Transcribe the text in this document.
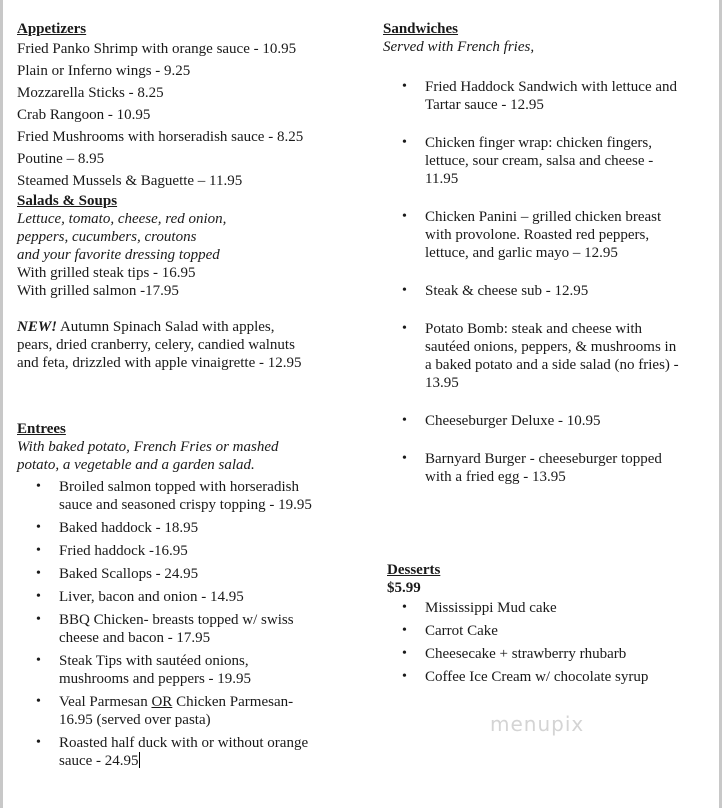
Appetizers
Fried Panko Shrimp with orange sauce - 10.95
Plain or Inferno wings - 9.25
Mozzarella Sticks - 8.25
Crab Rangoon - 10.95
Fried Mushrooms with horseradish sauce - 8.25
Poutine – 8.95
Steamed Mussels & Baguette – 11.95
Salads & Soups
Lettuce, tomato, cheese, red onion,
peppers, cucumbers, croutons
and your favorite dressing topped
With grilled steak tips - 16.95
With grilled salmon -17.95
NEW! Autumn Spinach Salad with apples,
pears, dried cranberry, celery, candied walnuts
and feta, drizzled with apple vinaigrette - 12.95
Entrees
With baked potato, French Fries or mashed
potato, a vegetable and a garden salad.
• Broiled salmon topped with horseradish
sauce and seasoned crispy topping - 19.95
• Baked haddock - 18.95
• Fried haddock -16.95
• Baked Scallops - 24.95
• Liver, bacon and onion - 14.95
• BBQ Chicken- breasts topped w/ swiss
cheese and bacon - 17.95
• Steak Tips with sautéed onions,
mushrooms and peppers - 19.95
• Veal Parmesan OR Chicken Parmesan-
16.95 (served over pasta)
• Roasted half duck with or without orange
sauce - 24.95
Sandwiches
Served with French fries,
• Fried Haddock Sandwich with lettuce and
Tartar sauce - 12.95
• Chicken finger wrap: chicken fingers,
lettuce, sour cream, salsa and cheese -
11.95
• Chicken Panini – grilled chicken breast
with provolone. Roasted red peppers,
lettuce, and garlic mayo – 12.95
• Steak & cheese sub - 12.95
• Potato Bomb: steak and cheese with
sautéed onions, peppers, & mushrooms in
a baked potato and a side salad (no fries) -
13.95
• Cheeseburger Deluxe - 10.95
• Barnyard Burger - cheeseburger topped
with a fried egg - 13.95
Desserts
$5.99
• Mississippi Mud cake
• Carrot Cake
• Cheesecake + strawberry rhubarb
• Coffee Ice Cream w/ chocolate syrup
menupix
